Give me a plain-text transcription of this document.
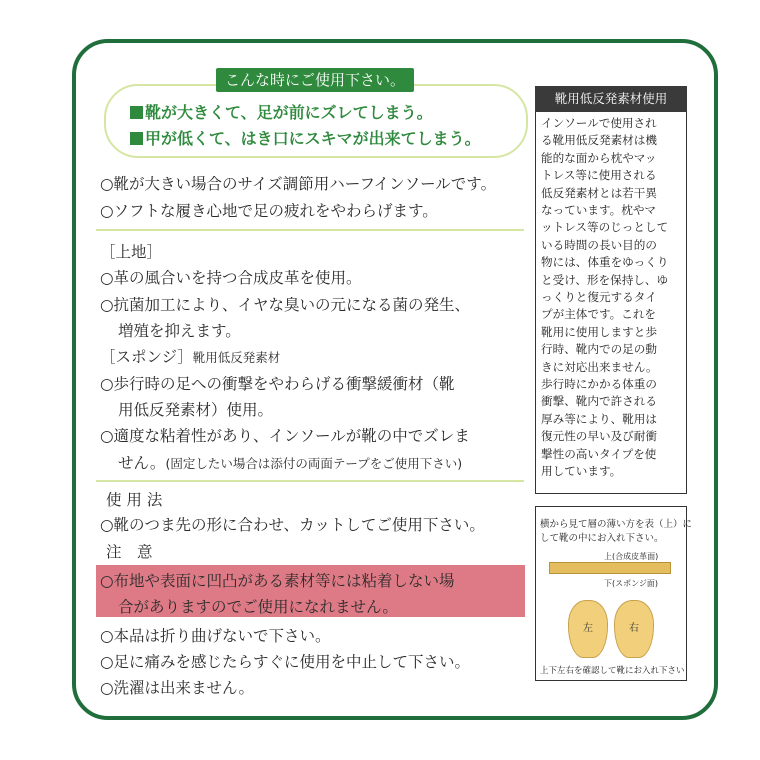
こんな時にご使用下さい。
靴が大きくて、足が前にズレてしまう。
甲が低くて、はき口にスキマが出来てしまう。
○靴が大きい場合のサイズ調節用ハーフインソールです。
○ソフトな履き心地で足の疲れをやわらげます。
［上地］
○革の風合いを持つ合成皮革を使用。
○抗菌加工により、イヤな臭いの元になる菌の発生、
増殖を抑えます。
［スポンジ］靴用低反発素材
○歩行時の足への衝撃をやわらげる衝撃緩衝材（靴
用低反発素材）使用。
○適度な粘着性があり、インソールが靴の中でズレま
せん。(固定したい場合は添付の両面テープをご使用下さい)
使 用 法
○靴のつま先の形に合わせ、カットしてご使用下さい。
注　意
○布地や表面に凹凸がある素材等には粘着しない場
合がありますのでご使用になれません。
○本品は折り曲げないで下さい。
○足に痛みを感じたらすぐに使用を中止して下さい。
○洗濯は出来ません。
靴用低反発素材使用
インソールで使用され
る靴用低反発素材は機
能的な面から枕やマッ
トレス等に使用される
低反発素材とは若干異
なっています。枕やマ
ットレス等のじっとして
いる時間の長い目的の
物には、体重をゆっくり
と受け、形を保持し、ゆ
っくりと復元するタイ
プが主体です。これを
靴用に使用しますと歩
行時、靴内での足の動
きに対応出来ません。
歩行時にかかる体重の
衝撃、靴内で許される
厚み等により、靴用は
復元性の早い及び耐衝
撃性の高いタイプを使
用しています。
横から見て層の薄い方を表（上）に
して靴の中にお入れ下さい。
上(合成皮革面)
下(スポンジ面)
左	右
上下左右を確認して靴にお入れ下さい
